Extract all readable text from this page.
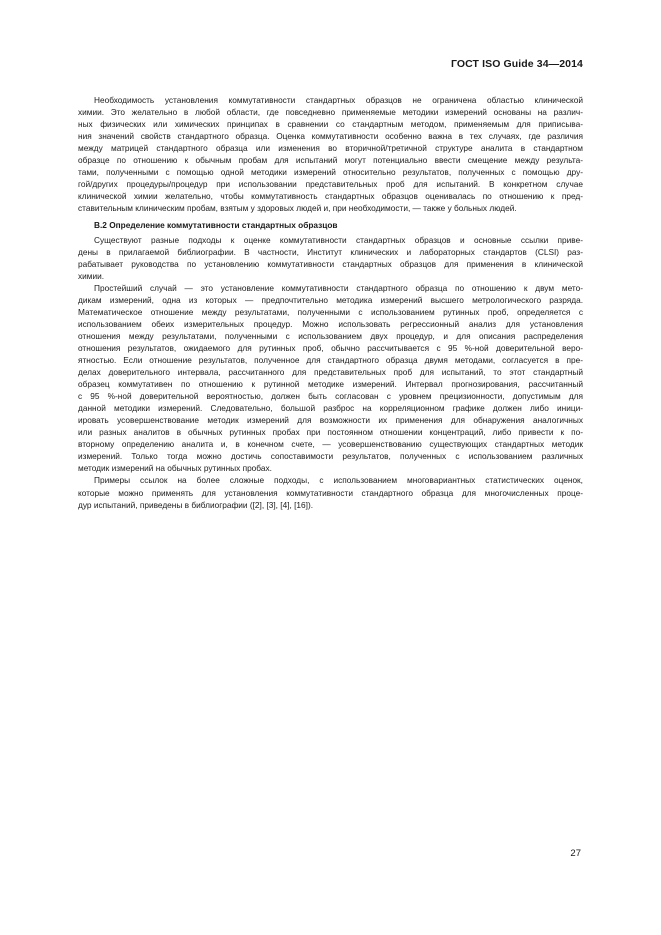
ГОСТ ISO Guide 34—2014
Необходимость установления коммутативности стандартных образцов не ограничена областью клинической
химии. Это желательно в любой области, где повседневно применяемые методики измерений основаны на различ-
ных физических или химических принципах в сравнении со стандартным методом, применяемым для приписыва-
ния значений свойств стандартного образца. Оценка коммутативности особенно важна в тех случаях, где различия
между матрицей стандартного образца или изменения во вторичной/третичной структуре аналита в стандартном
образце по отношению к обычным пробам для испытаний могут потенциально ввести смещение между результа-
тами, полученными с помощью одной методики измерений относительно результатов, полученных с помощью дру-
гой/других процедуры/процедур при использовании представительных проб для испытаний. В конкретном случае
клинической химии желательно, чтобы коммутативность стандартных образцов оценивалась по отношению к пред-
ставительным клиническим пробам, взятым у здоровых людей и, при необходимости, — также у больных людей.
B.2 Определение коммутативности стандартных образцов
Существуют разные подходы к оценке коммутативности стандартных образцов и основные ссылки приве-
дены в прилагаемой библиографии. В частности, Институт клинических и лабораторных стандартов (CLSI) раз-
рабатывает руководства по установлению коммутативности стандартных образцов для применения в клинической
химии.
Простейший случай — это установление коммутативности стандартного образца по отношению к двум мето-
дикам измерений, одна из которых — предпочтительно методика измерений высшего метрологического разряда.
Математическое отношение между результатами, полученными с использованием рутинных проб, определяется с
использованием обеих измерительных процедур. Можно использовать регрессионный анализ для установления
отношения между результатами, полученными с использованием двух процедур, и для описания распределения
отношения результатов, ожидаемого для рутинных проб, обычно рассчитывается с 95 %-ной доверительной веро-
ятностью. Если отношение результатов, полученное для стандартного образца двумя методами, согласуется в пре-
делах доверительного интервала, рассчитанного для представительных проб для испытаний, то этот стандартный
образец коммутативен по отношению к рутинной методике измерений. Интервал прогнозирования, рассчитанный
с 95 %-ной доверительной вероятностью, должен быть согласован с уровнем прецизионности, допустимым для
данной методики измерений. Следовательно, большой разброс на корреляционном графике должен либо иници-
ировать усовершенствование методик измерений для возможности их применения для обнаружения аналогичных
или разных аналитов в обычных рутинных пробах при постоянном отношении концентраций, либо привести к по-
вторному определению аналита и, в конечном счете, — усовершенствованию существующих стандартных методик
измерений. Только тогда можно достичь сопоставимости результатов, полученных с использованием различных
методик измерений на обычных рутинных пробах.
Примеры ссылок на более сложные подходы, с использованием многовариантных статистических оценок,
которые можно применять для установления коммутативности стандартного образца для многочисленных проце-
дур испытаний, приведены в библиографии ([2], [3], [4], [16]).
27
